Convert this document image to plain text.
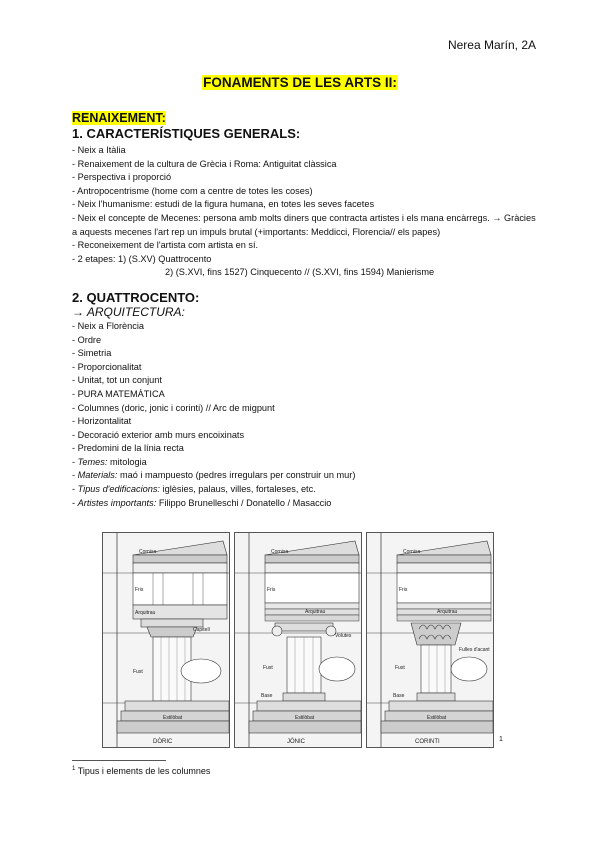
Nerea Marín, 2A
FONAMENTS DE LES ARTS II:
RENAIXEMENT:

1. CARACTERÍSTIQUES GENERALS:

- Neix a Itàlia

- Renaixement de la cultura de Grècia i Roma: Antiguitat clàssica

- Perspectiva i proporció

- Antropocentrisme (home com a centre de totes les coses)

- Neix l'humanisme: estudi de la figura humana, en totes les seves facetes

- Neix el concepte de Mecenes: persona amb molts diners que contracta artistes i els mana encàrregs. → Gràcies a aquests mecenes l'art rep un impuls brutal (+importants: Meddicci, Florencia// els papes)

- Reconeixement de l'artista com artista en sí.

- 2 etapes: 1) (S.XV) Quattrocento

2) (S.XVI, fins 1527) Cinquecento // (S.XVI, fins 1594) Manierisme

2. QUATTROCENTO:

→ ARQUITECTURA:

- Neix a Florència

- Ordre

- Simetria

- Proporcionalitat

- Unitat, tot un conjunt

- PURA MATEMÀTICA

- Columnes (doric, jonic i corinti) // Arc de migpunt

- Horizontalitat

- Decoració exterior amb murs encoixinats

- Predomini de la línia recta

- Temes: mitologia

- Materials: maó i mampuesto (pedres irregulars per construir un mur)

- Tipus d'edificacions: iglèsies, palaus, villes, fortaleses, etc.

- Artistes importants: Filippo Brunelleschi / Donatello / Masaccio

Cornisa
Fris
Arquitrau
Capitell
Fust
Estilòbat
DÒRIC
Cornisa
Fris
Arquitrau
Volutes
Fust
Base
Estilòbat
JÒNIC
Cornisa
Fris
Arquitrau
Fulles d'acant
Fust
Base
Estilòbat
CORINTI	1
$^1$ Tipus i elements de les columnes
